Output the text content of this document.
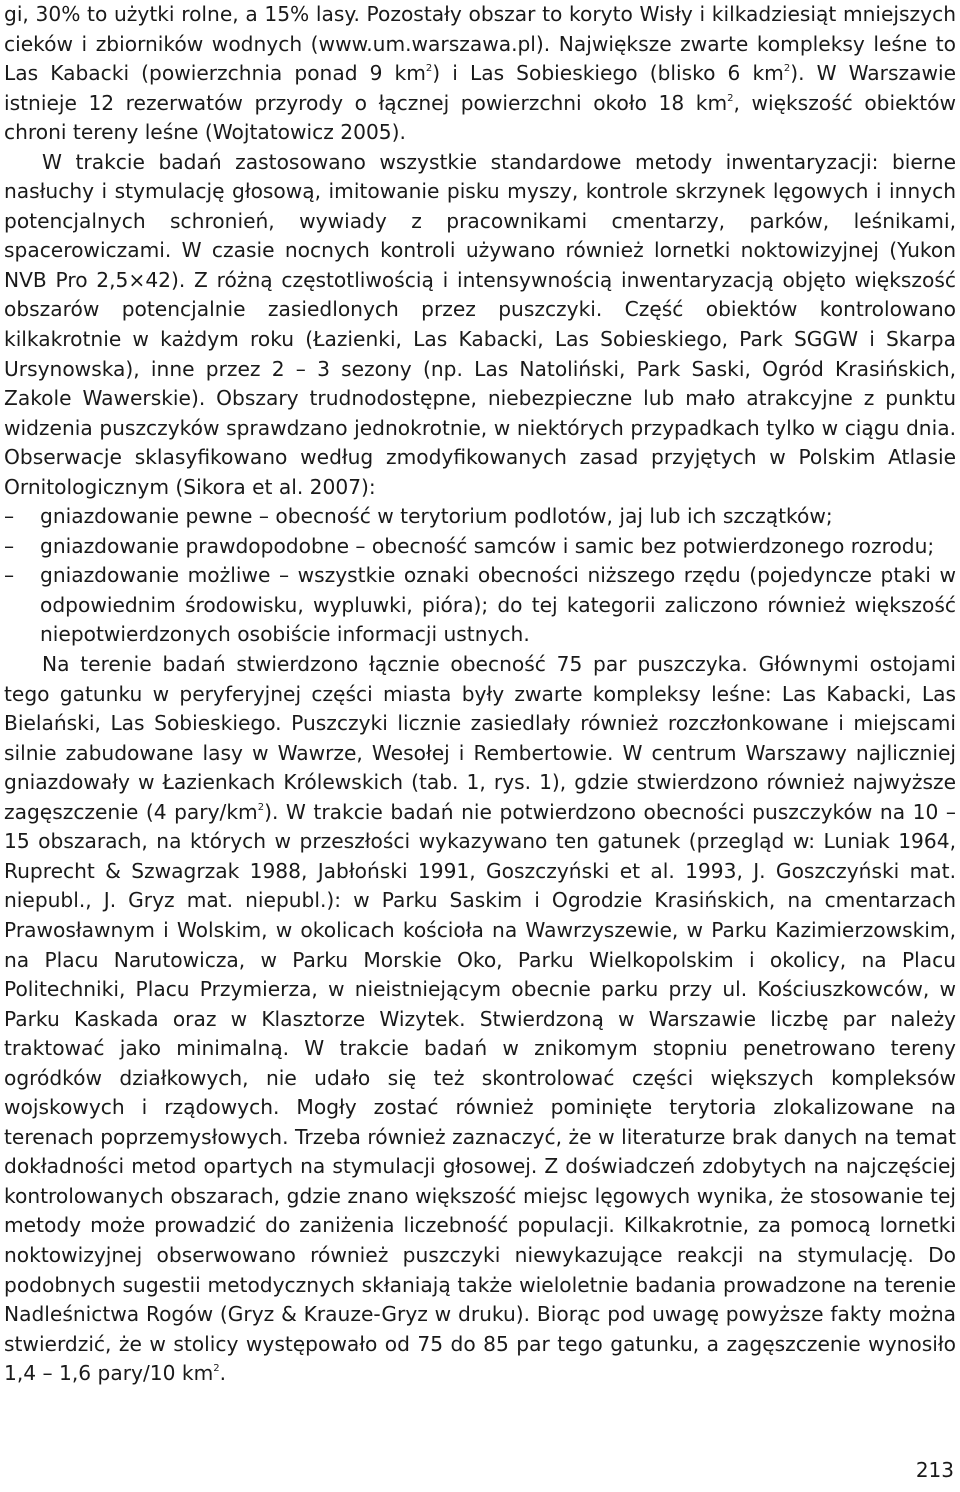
gi, 30% to użytki rolne, a 15% lasy. Pozostały obszar to koryto Wisły i kilkadziesiąt mniejszych cieków i zbiorników wodnych (www.um.warszawa.pl). Największe zwarte kompleksy leśne to Las Kabacki (powierzchnia ponad 9 $km^2$) i Las Sobieskiego (blisko 6 $km^2$). W Warszawie istnieje 12 rezerwatów przyrody o łącznej powierzchni około 18 $km^2$, większość obiektów chroni tereny leśne (Wojtatowicz 2005).

W trakcie badań zastosowano wszystkie standardowe metody inwentaryzacji: bierne nasłuchy i stymulację głosową, imitowanie pisku myszy, kontrole skrzynek lęgowych i innych potencjalnych schronień, wywiady z pracownikami cmentarzy, parków, leśnikami, spacerowiczami. W czasie nocnych kontroli używano również lornetki noktowizyjnej (Yukon NVB Pro 2,5×42). Z różną częstotliwością i intensywnością inwentaryzacją objęto większość obszarów potencjalnie zasiedlonych przez puszczyki. Część obiektów kontrolowano kilkakrotnie w każdym roku (Łazienki, Las Kabacki, Las Sobieskiego, Park SGGW i Skarpa Ursynowska), inne przez 2 – 3 sezony (np. Las Natoliński, Park Saski, Ogród Krasińskich, Zakole Wawerskie). Obszary trudnodostępne, niebezpieczne lub mało atrakcyjne z punktu widzenia puszczyków sprawdzano jednokrotnie, w niektórych przypadkach tylko w ciągu dnia. Obserwacje sklasyfikowano według zmodyfikowanych zasad przyjętych w Polskim Atlasie Ornitologicznym (Sikora et al. 2007):

– gniazdowanie pewne – obecność w terytorium podlotów, jaj lub ich szczątków;
– gniazdowanie prawdopodobne – obecność samców i samic bez potwierdzonego rozrodu;
– gniazdowanie możliwe – wszystkie oznaki obecności niższego rzędu (pojedyncze ptaki w odpowiednim środowisku, wypluwki, pióra); do tej kategorii zaliczono również większość niepotwierdzonych osobiście informacji ustnych.

Na terenie badań stwierdzono łącznie obecność 75 par puszczyka. Głównymi ostojami tego gatunku w peryferyjnej części miasta były zwarte kompleksy leśne: Las Kabacki, Las Bielański, Las Sobieskiego. Puszczyki licznie zasiedlały również rozczłonkowane i miejscami silnie zabudowane lasy w Wawrze, Wesołej i Rembertowie. W centrum Warszawy najliczniej gniazdowały w Łazienkach Królewskich (tab. 1, rys. 1), gdzie stwierdzono również najwyższe zagęszczenie (4 pary/$km^2$). W trakcie badań nie potwierdzono obecności puszczyków na 10 – 15 obszarach, na których w przeszłości wykazywano ten gatunek (przegląd w: Luniak 1964, Ruprecht & Szwagrzak 1988, Jabłoński 1991, Goszczyński et al. 1993, J. Goszczyński mat. niepubl., J. Gryz mat. niepubl.): w Parku Saskim i Ogrodzie Krasińskich, na cmentarzach Prawosławnym i Wolskim, w okolicach kościoła na Wawrzyszewie, w Parku Kazimierzowskim, na Placu Narutowicza, w Parku Morskie Oko, Parku Wielkopolskim i okolicy, na Placu Politechniki, Placu Przymierza, w nieistniejącym obecnie parku przy ul. Kościuszkowców, w Parku Kaskada oraz w Klasztorze Wizytek. Stwierdzoną w Warszawie liczbę par należy traktować jako minimalną. W trakcie badań w znikomym stopniu penetrowano tereny ogródków działkowych, nie udało się też skontrolować części większych kompleksów wojskowych i rządowych. Mogły zostać również pominięte terytoria zlokalizowane na terenach poprzemysłowych. Trzeba również zaznaczyć, że w literaturze brak danych na temat dokładności metod opartych na stymulacji głosowej. Z doświadczeń zdobytych na najczęściej kontrolowanych obszarach, gdzie znano większość miejsc lęgowych wynika, że stosowanie tej metody może prowadzić do zaniżenia liczebność populacji. Kilkakrotnie, za pomocą lornetki noktowizyjnej obserwowano również puszczyki niewykazujące reakcji na stymulację. Do podobnych sugestii metodycznych skłaniają także wieloletnie badania prowadzone na terenie Nadleśnictwa Rogów (Gryz & Krauze-Gryz w druku). Biorąc pod uwagę powyższe fakty można stwierdzić, że w stolicy występowało od 75 do 85 par tego gatunku, a zagęszczenie wynosiło 1,4 – 1,6 pary/10 $km^2$.

213
